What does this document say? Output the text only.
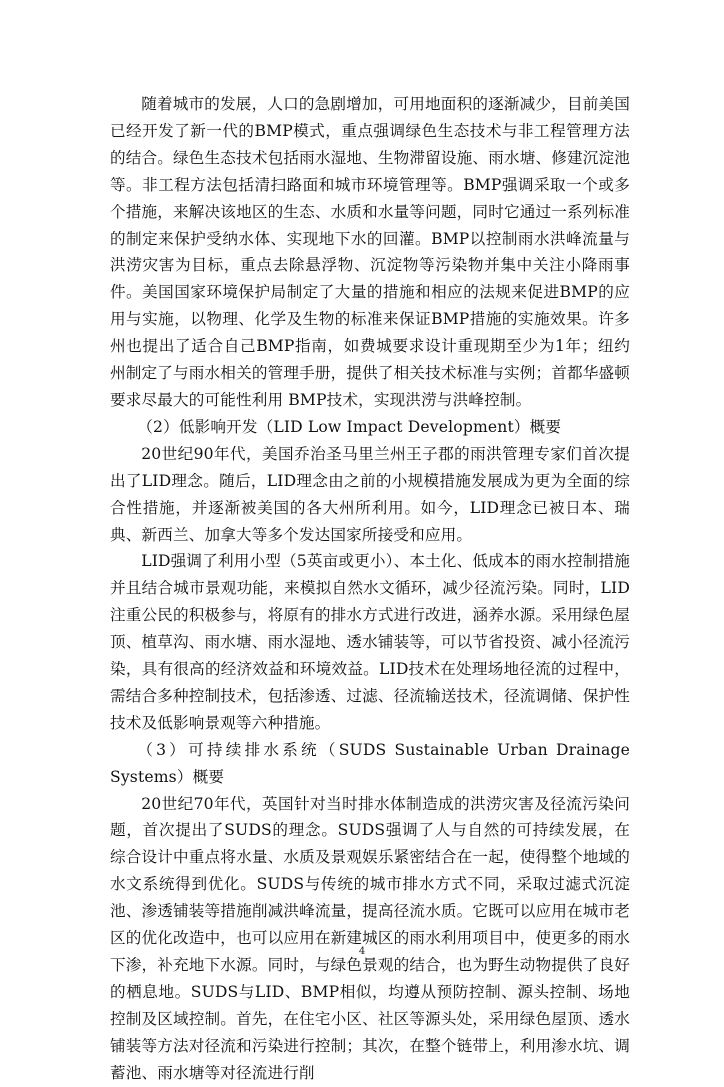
随着城市的发展，人口的急剧增加，可用地面积的逐渐减少，目前美国已经开发了新一代的BMP模式，重点强调绿色生态技术与非工程管理方法的结合。绿色生态技术包括雨水湿地、生物滞留设施、雨水塘、修建沉淀池等。非工程方法包括清扫路面和城市环境管理等。BMP强调采取一个或多个措施，来解决该地区的生态、水质和水量等问题，同时它通过一系列标准的制定来保护受纳水体、实现地下水的回灌。BMP以控制雨水洪峰流量与洪涝灾害为目标，重点去除悬浮物、沉淀物等污染物并集中关注小降雨事件。美国国家环境保护局制定了大量的措施和相应的法规来促进BMP的应用与实施，以物理、化学及生物的标准来保证BMP措施的实施效果。许多州也提出了适合自己BMP指南，如费城要求设计重现期至少为1年；纽约州制定了与雨水相关的管理手册，提供了相关技术标准与实例；首都华盛顿要求尽最大的可能性利用 BMP技术，实现洪涝与洪峰控制。

（2）低影响开发（LID Low Impact Development）概要

20世纪90年代，美国乔治圣马里兰州王子郡的雨洪管理专家们首次提出了LID理念。随后，LID理念由之前的小规模措施发展成为更为全面的综合性措施，并逐渐被美国的各大州所利用。如今，LID理念已被日本、瑞典、新西兰、加拿大等多个发达国家所接受和应用。

LID强调了利用小型（5英亩或更小）、本土化、低成本的雨水控制措施并且结合城市景观功能，来模拟自然水文循环，减少径流污染。同时，LID注重公民的积极参与，将原有的排水方式进行改进，涵养水源。采用绿色屋顶、植草沟、雨水塘、雨水湿地、透水铺装等，可以节省投资、减小径流污染，具有很高的经济效益和环境效益。LID技术在处理场地径流的过程中，需结合多种控制技术，包括渗透、过滤、径流输送技术，径流调储、保护性技术及低影响景观等六种措施。

（3）可持续排水系统（SUDS Sustainable Urban Drainage Systems）概要

20世纪70年代，英国针对当时排水体制造成的洪涝灾害及径流污染问题，首次提出了SUDS的理念。SUDS强调了人与自然的可持续发展，在综合设计中重点将水量、水质及景观娱乐紧密结合在一起，使得整个地域的水文系统得到优化。SUDS与传统的城市排水方式不同，采取过滤式沉淀池、渗透铺装等措施削减洪峰流量，提高径流水质。它既可以应用在城市老区的优化改造中，也可以应用在新建城区的雨水利用项目中，使更多的雨水下渗，补充地下水源。同时，与绿色景观的结合，也为野生动物提供了良好的栖息地。SUDS与LID、BMP相似，均遵从预防控制、源头控制、场地控制及区域控制。首先，在住宅小区、社区等源头处，采用绿色屋顶、透水铺装等方法对径流和污染进行控制；其次，在整个链带上，利用渗水坑、调蓄池、雨水塘等对径流进行削

4
